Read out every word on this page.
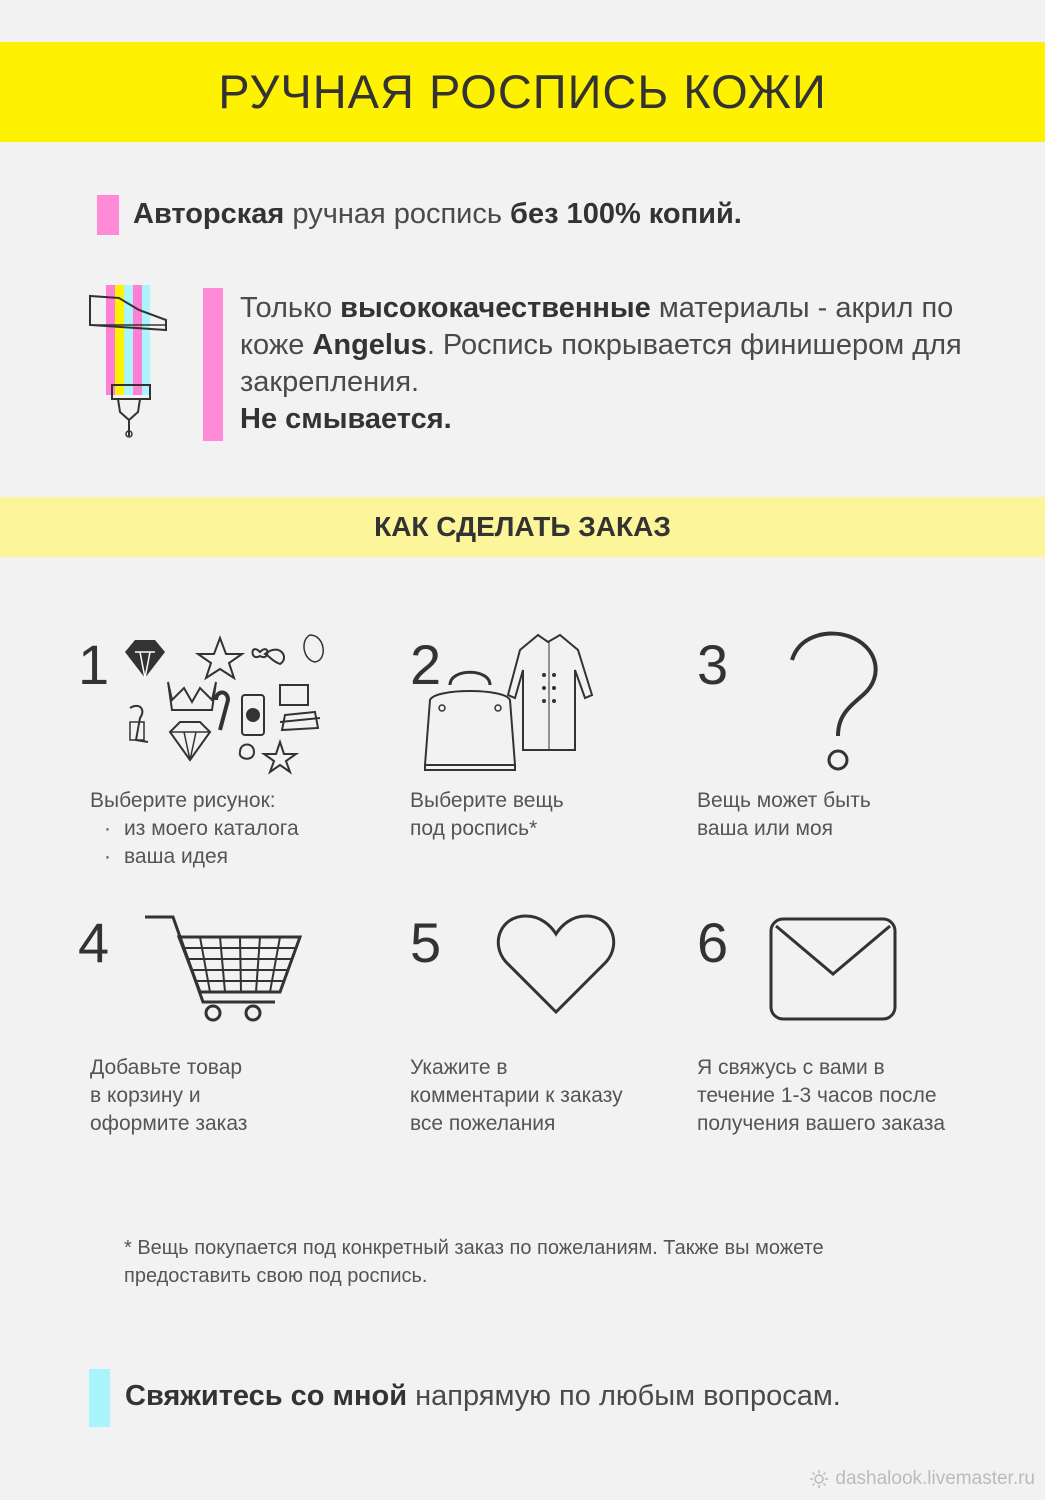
РУЧНАЯ РОСПИСЬ КОЖИ
Авторская ручная роспись без 100% копий.
Только высококачественные материалы - акрил по коже Angelus. Роспись покрывается финишером для закрепления.
Не смывается.
КАК СДЕЛАТЬ ЗАКАЗ
1
Выберите рисунок:
· из моего каталога
· ваша идея
2
Выберите вещь
под роспись*
3
Вещь может быть
ваша или моя
4
Добавьте товар
в корзину и
оформите заказ
5
Укажите в
комментарии к заказу
все пожелания
6
Я свяжусь с вами в
течение 1-3 часов после
получения вашего заказа
* Вещь покупается под конкретный заказ по пожеланиям. Также вы можете предоставить свою под роспись.
Свяжитесь со мной напрямую по любым вопросам.
dashalook.livemaster.ru
